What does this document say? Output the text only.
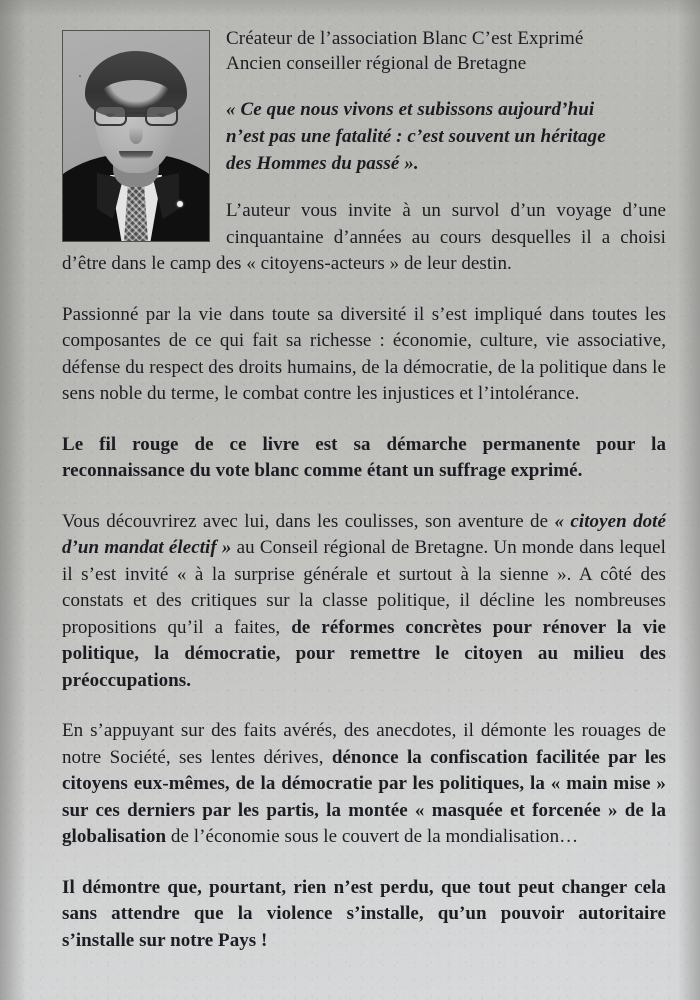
Créateur de l’association Blanc C’est Exprimé
Ancien conseiller régional de Bretagne
« Ce que nous vivons et subissons aujourd’hui
n’est pas une fatalité : c’est souvent un héritage
des Hommes du passé ».

L’auteur vous invite à un survol d’un voyage d’une cinquantaine d’années au cours desquelles il a choisi d’être dans le camp des « citoyens-acteurs » de leur destin.

Passionné par la vie dans toute sa diversité il s’est impliqué dans toutes les composantes de ce qui fait sa richesse : économie, culture, vie associative, défense du respect des droits humains, de la démocratie, de la politique dans le sens noble du terme, le combat contre les injustices et l’intolérance.

Le fil rouge de ce livre est sa démarche permanente pour la reconnaissance du vote blanc comme étant un suffrage exprimé.

Vous découvrirez avec lui, dans les coulisses, son aventure de « citoyen doté d’un mandat électif » au Conseil régional de Bretagne. Un monde dans lequel il s’est invité « à la surprise générale et surtout à la sienne ». A côté des constats et des critiques sur la classe politique, il décline les nombreuses propositions qu’il a faites, de réformes concrètes pour rénover la vie politique, la démocratie, pour remettre le citoyen au milieu des préoccupations.

En s’appuyant sur des faits avérés, des anecdotes, il démonte les rouages de notre Société, ses lentes dérives, dénonce la confiscation facilitée par les citoyens eux-mêmes, de la démocratie par les politiques, la « main mise » sur ces derniers par les partis, la montée « masquée et forcenée » de la globalisation de l’économie sous le couvert de la mondialisation…

Il démontre que, pourtant, rien n’est perdu, que tout peut changer cela sans attendre que la violence s’installe, qu’un pouvoir autoritaire s’installe sur notre Pays !
